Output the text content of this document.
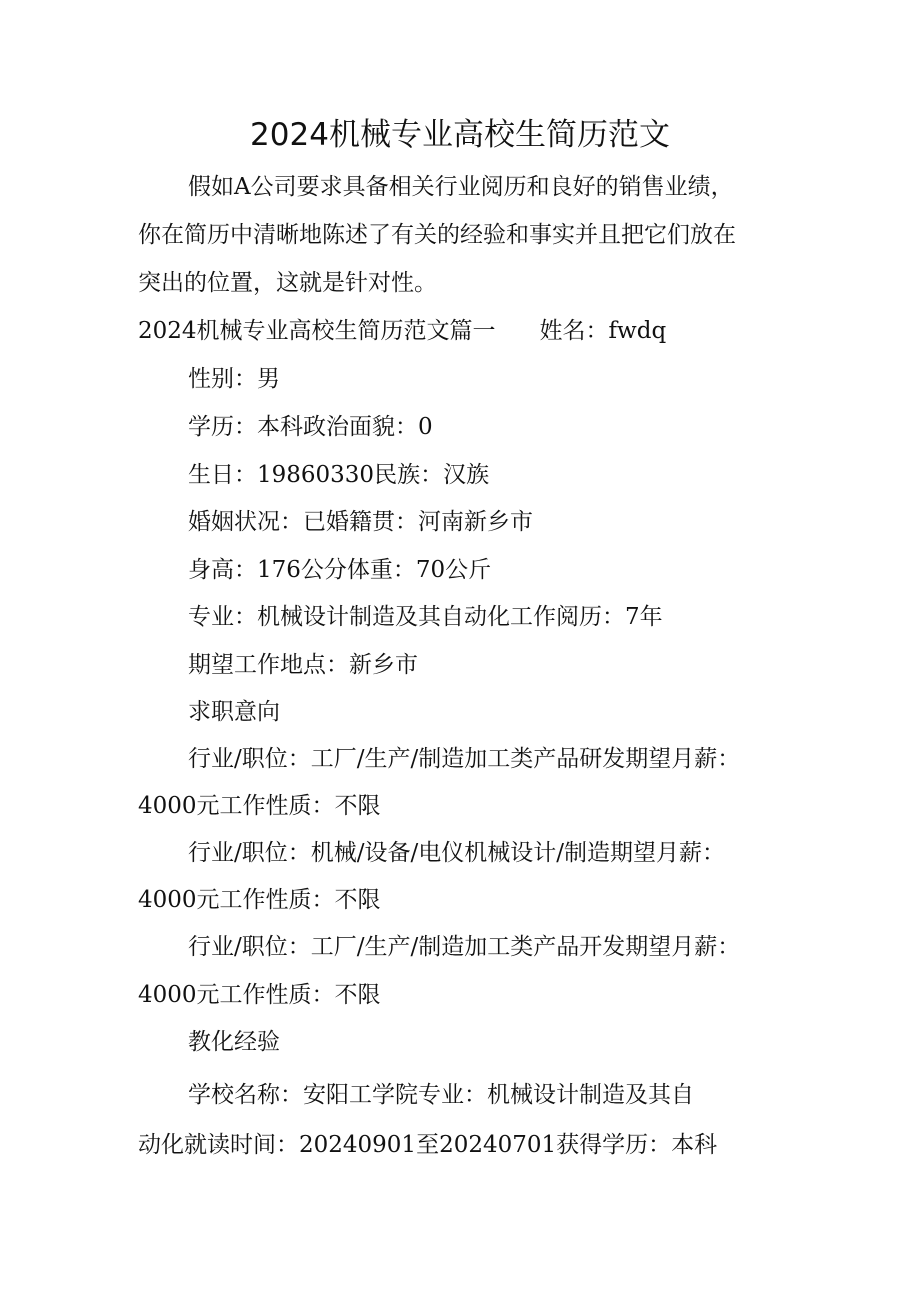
2024机械专业高校生简历范文
假如A公司要求具备相关行业阅历和良好的销售业绩，
你在简历中清晰地陈述了有关的经验和事实并且把它们放在
突出的位置，这就是针对性。
2024机械专业高校生简历范文篇一 姓名：fwdq
性别：男
学历：本科政治面貌：0
生日：19860330民族：汉族
婚姻状况：已婚籍贯：河南新乡市
身高：176公分体重：70公斤
专业：机械设计制造及其自动化工作阅历：7年
期望工作地点：新乡市
求职意向
行业/职位：工厂/生产/制造加工类产品研发期望月薪：
4000元工作性质：不限
行业/职位：机械/设备/电仪机械设计/制造期望月薪：
4000元工作性质：不限
行业/职位：工厂/生产/制造加工类产品开发期望月薪：
4000元工作性质：不限
教化经验
学校名称：安阳工学院专业：机械设计制造及其自
动化就读时间：20240901至20240701获得学历：本科
